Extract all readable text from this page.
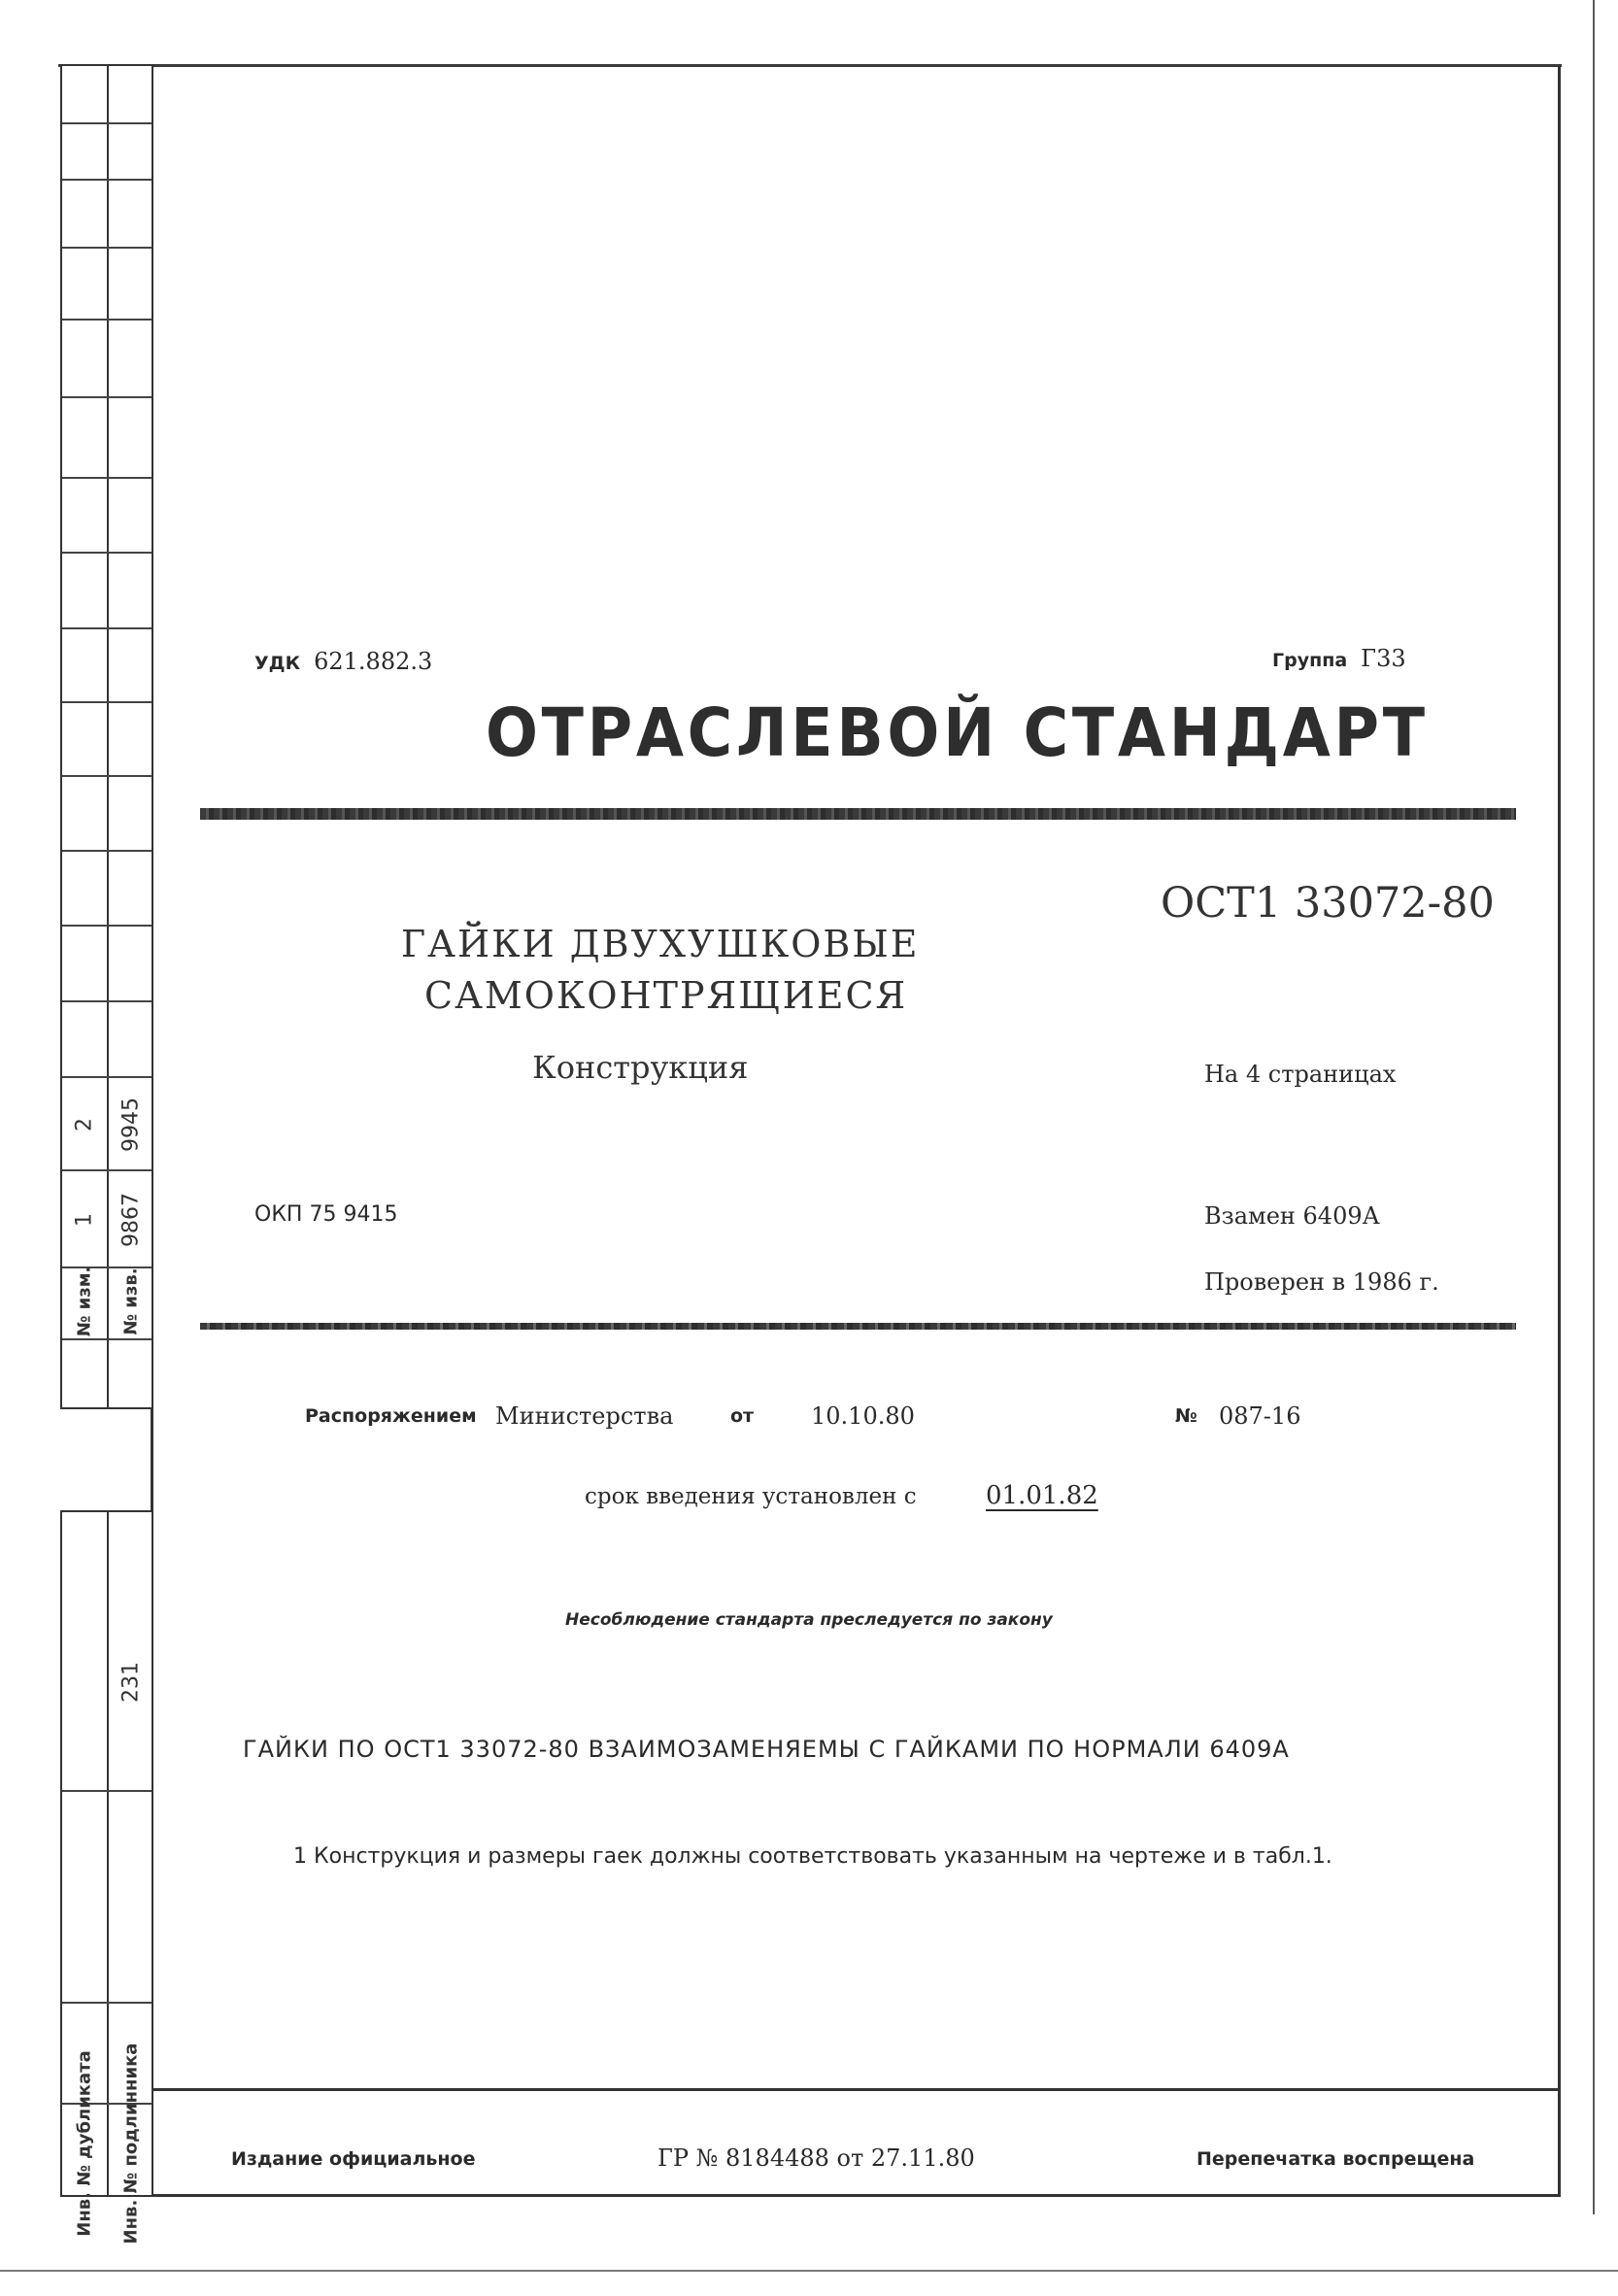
2 9945
1 9867
№ изм. № изв.
231
Инв. № дубликата Инв. № подлинника
УДК 621.882.3	Группа Г33
ОТРАСЛЕВОЙ СТАНДАРТ
ОСТ1 33072-80
ГАЙКИ ДВУХУШКОВЫЕ
САМОКОНТРЯЩИЕСЯ
Конструкция	На 4 страницах
ОКП 75 9415	Взамен 6409А
Проверен в 1986 г.
Распоряжением Министерства	от 10.10.80	№ 087-16
срок введения установлен с	01.01.82
Несоблюдение стандарта преследуется по закону
ГАЙКИ ПО ОСТ1 33072-80 ВЗАИМОЗАМЕНЯЕМЫ С ГАЙКАМИ ПО НОРМАЛИ 6409А
1 Конструкция и размеры гаек должны соответствовать указанным на чертеже и в табл.1.
Издание официальное	ГР № 8184488 от 27.11.80	Перепечатка воспрещена
